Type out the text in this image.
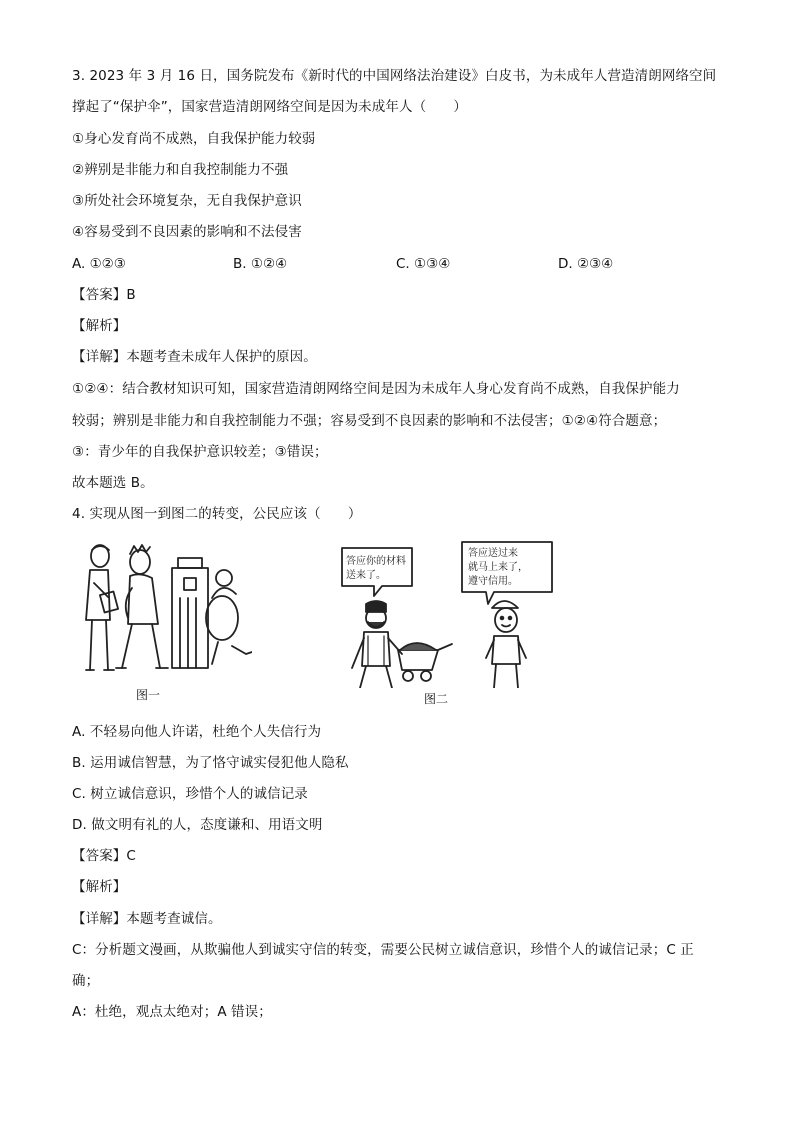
3. 2023 年 3 月 16 日，国务院发布《新时代的中国网络法治建设》白皮书，为未成年人营造清朗网络空间
撑起了“保护伞”，国家营造清朗网络空间是因为未成年人（　　）
①身心发育尚不成熟，自我保护能力较弱
②辨别是非能力和自我控制能力不强
③所处社会环境复杂，无自我保护意识
④容易受到不良因素的影响和不法侵害
A. ①②③	B. ①②④	C. ①③④	D. ②③④
【答案】B
【解析】
【详解】本题考查未成年人保护的原因。
①②④：结合教材知识可知，国家营造清朗网络空间是因为未成年人身心发育尚不成熟，自我保护能力
较弱；辨别是非能力和自我控制能力不强；容易受到不良因素的影响和不法侵害；①②④符合题意；
③：青少年的自我保护意识较差；③错误；
故本题选 B。
4. 实现从图一到图二的转变，公民应该（　　）
图一
答应你的材料
送来了。
答应送过来
就马上来了，
遵守信用。
图二
A. 不轻易向他人许诺，杜绝个人失信行为
B. 运用诚信智慧，为了恪守诚实侵犯他人隐私
C. 树立诚信意识，珍惜个人的诚信记录
D. 做文明有礼的人，态度谦和、用语文明
【答案】C
【解析】
【详解】本题考查诚信。
C：分析题文漫画，从欺骗他人到诚实守信的转变，需要公民树立诚信意识，珍惜个人的诚信记录；C 正
确；
A：杜绝，观点太绝对；A 错误；
